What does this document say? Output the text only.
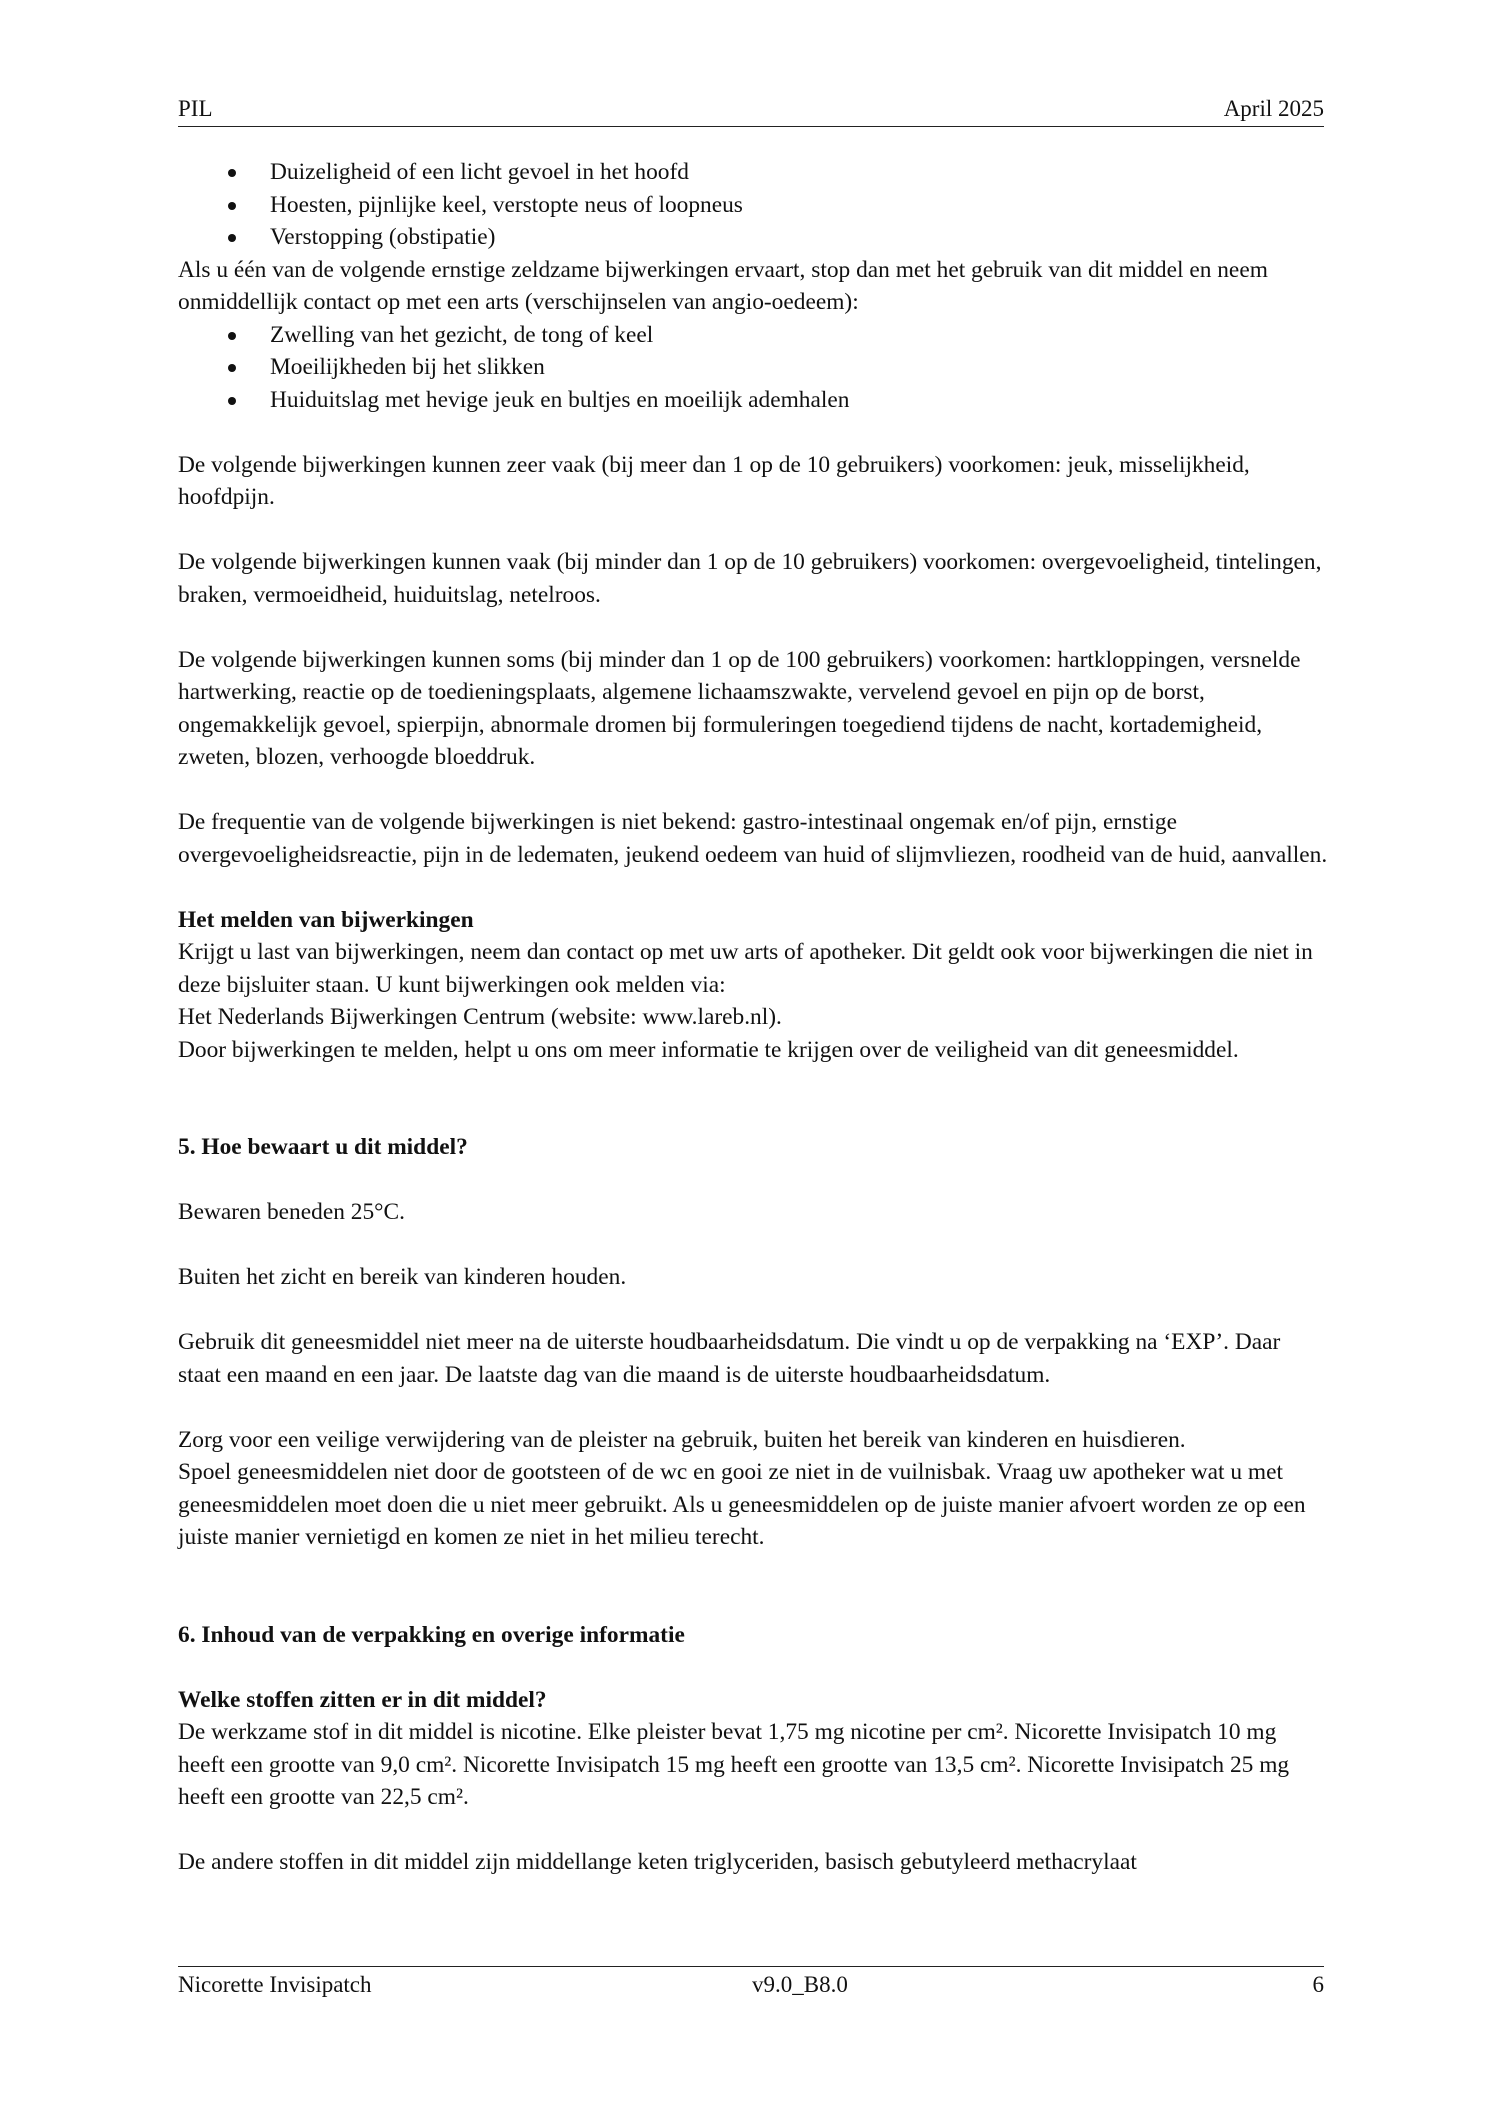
PIL	April 2025
Duizeligheid of een licht gevoel in het hoofd
Hoesten, pijnlijke keel, verstopte neus of loopneus
Verstopping (obstipatie)

Als u één van de volgende ernstige zeldzame bijwerkingen ervaart, stop dan met het gebruik van dit middel en neem onmiddellijk contact op met een arts (verschijnselen van angio-oedeem):

Zwelling van het gezicht, de tong of keel
Moeilijkheden bij het slikken
Huiduitslag met hevige jeuk en bultjes en moeilijk ademhalen

De volgende bijwerkingen kunnen zeer vaak (bij meer dan 1 op de 10 gebruikers) voorkomen: jeuk, misselijkheid, hoofdpijn.

De volgende bijwerkingen kunnen vaak (bij minder dan 1 op de 10 gebruikers) voorkomen: overgevoeligheid, tintelingen, braken, vermoeidheid, huiduitslag, netelroos.

De volgende bijwerkingen kunnen soms (bij minder dan 1 op de 100 gebruikers) voorkomen: hartkloppingen, versnelde hartwerking, reactie op de toedieningsplaats, algemene lichaamszwakte, vervelend gevoel en pijn op de borst, ongemakkelijk gevoel, spierpijn, abnormale dromen bij formuleringen toegediend tijdens de nacht, kortademigheid, zweten, blozen, verhoogde bloeddruk.

De frequentie van de volgende bijwerkingen is niet bekend: gastro-intestinaal ongemak en/of pijn, ernstige overgevoeligheidsreactie, pijn in de ledematen, jeukend oedeem van huid of slijmvliezen, roodheid van de huid, aanvallen.

Het melden van bijwerkingen

Krijgt u last van bijwerkingen, neem dan contact op met uw arts of apotheker. Dit geldt ook voor bijwerkingen die niet in deze bijsluiter staan. U kunt bijwerkingen ook melden via:

Het Nederlands Bijwerkingen Centrum (website: www.lareb.nl).

Door bijwerkingen te melden, helpt u ons om meer informatie te krijgen over de veiligheid van dit geneesmiddel.

5. Hoe bewaart u dit middel?

Bewaren beneden 25°C.

Buiten het zicht en bereik van kinderen houden.

Gebruik dit geneesmiddel niet meer na de uiterste houdbaarheidsdatum. Die vindt u op de verpakking na ‘EXP’. Daar staat een maand en een jaar. De laatste dag van die maand is de uiterste houdbaarheidsdatum.

Zorg voor een veilige verwijdering van de pleister na gebruik, buiten het bereik van kinderen en huisdieren.

Spoel geneesmiddelen niet door de gootsteen of de wc en gooi ze niet in de vuilnisbak. Vraag uw apotheker wat u met geneesmiddelen moet doen die u niet meer gebruikt. Als u geneesmiddelen op de juiste manier afvoert worden ze op een juiste manier vernietigd en komen ze niet in het milieu terecht.

6. Inhoud van de verpakking en overige informatie

Welke stoffen zitten er in dit middel?

De werkzame stof in dit middel is nicotine. Elke pleister bevat 1,75 mg nicotine per cm². Nicorette Invisipatch 10 mg heeft een grootte van 9,0 cm². Nicorette Invisipatch 15 mg heeft een grootte van 13,5 cm². Nicorette Invisipatch 25 mg heeft een grootte van 22,5 cm².

De andere stoffen in dit middel zijn middellange keten triglyceriden, basisch gebutyleerd methacrylaat

Nicorette Invisipatch	v9.0_B8.0	6
